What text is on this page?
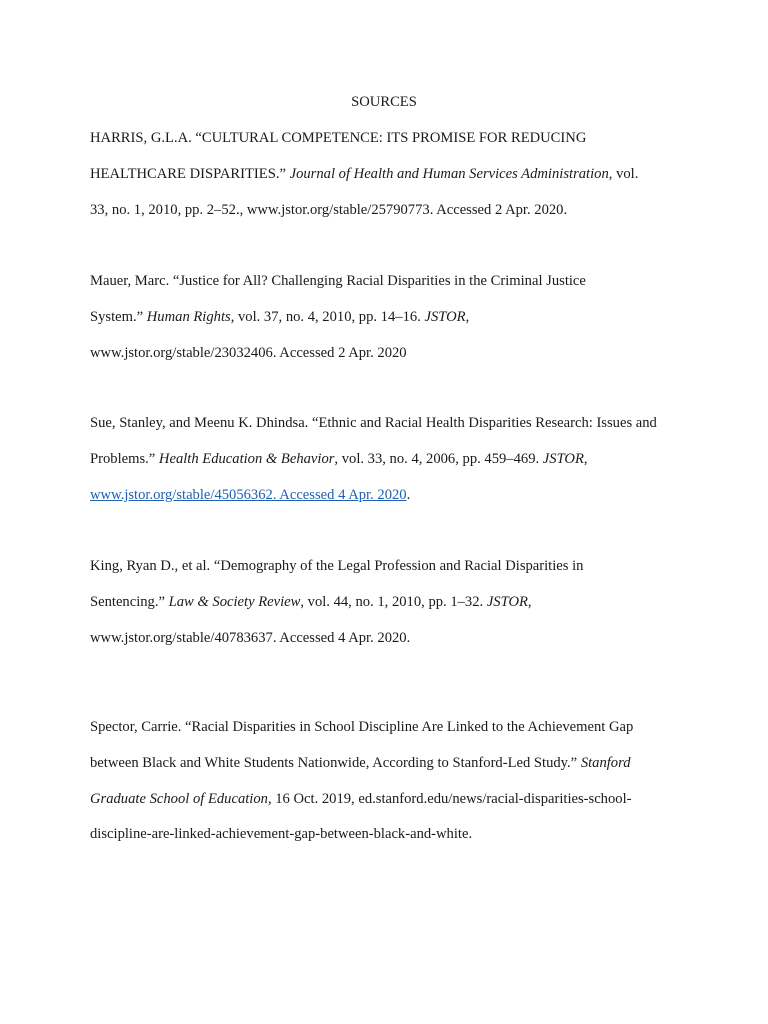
SOURCES
HARRIS, G.L.A. “CULTURAL COMPETENCE: ITS PROMISE FOR REDUCING
HEALTHCARE DISPARITIES.” Journal of Health and Human Services Administration, vol.
33, no. 1, 2010, pp. 2–52., www.jstor.org/stable/25790773. Accessed 2 Apr. 2020.
Mauer, Marc. “Justice for All? Challenging Racial Disparities in the Criminal Justice
System.” Human Rights, vol. 37, no. 4, 2010, pp. 14–16. JSTOR,
www.jstor.org/stable/23032406. Accessed 2 Apr. 2020
Sue, Stanley, and Meenu K. Dhindsa. “Ethnic and Racial Health Disparities Research: Issues and
Problems.” Health Education & Behavior, vol. 33, no. 4, 2006, pp. 459–469. JSTOR,
www.jstor.org/stable/45056362. Accessed 4 Apr. 2020.
King, Ryan D., et al. “Demography of the Legal Profession and Racial Disparities in
Sentencing.” Law & Society Review, vol. 44, no. 1, 2010, pp. 1–32. JSTOR,
www.jstor.org/stable/40783637. Accessed 4 Apr. 2020.
Spector, Carrie. “Racial Disparities in School Discipline Are Linked to the Achievement Gap
between Black and White Students Nationwide, According to Stanford-Led Study.” Stanford
Graduate School of Education, 16 Oct. 2019, ed.stanford.edu/news/racial-disparities-school-
discipline-are-linked-achievement-gap-between-black-and-white.
